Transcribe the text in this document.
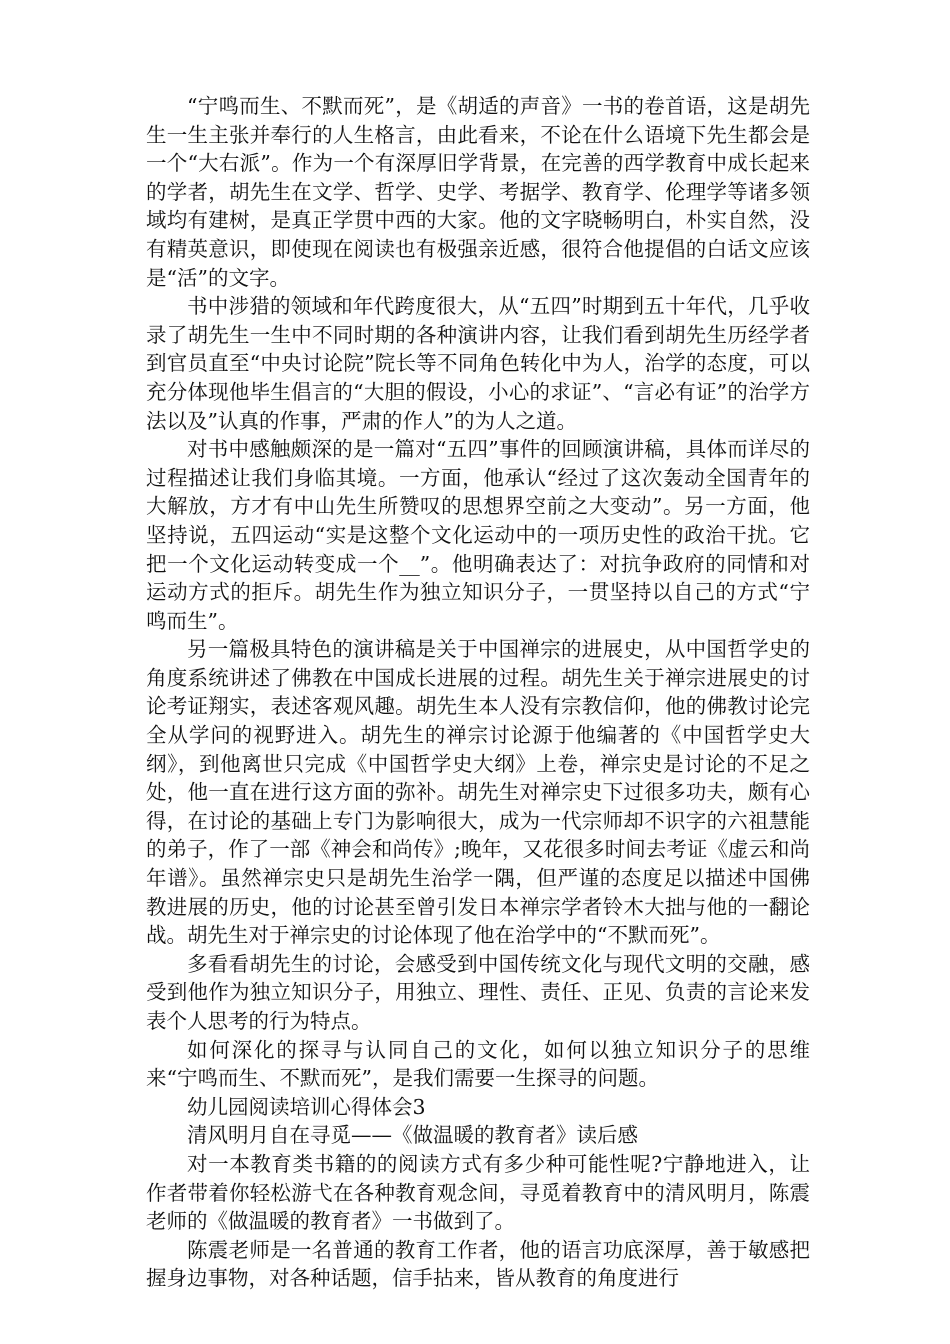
“宁鸣而生、不默而死”，是《胡适的声音》一书的卷首语，这是胡先生一生主张并奉行的人生格言，由此看来，不论在什么语境下先生都会是一个“大右派”。作为一个有深厚旧学背景，在完善的西学教育中成长起来的学者，胡先生在文学、哲学、史学、考据学、教育学、伦理学等诸多领域均有建树，是真正学贯中西的大家。他的文字晓畅明白，朴实自然，没有精英意识，即使现在阅读也有极强亲近感，很符合他提倡的白话文应该是“活”的文字。

书中涉猎的领域和年代跨度很大，从“五四”时期到五十年代，几乎收录了胡先生一生中不同时期的各种演讲内容，让我们看到胡先生历经学者到官员直至“中央讨论院”院长等不同角色转化中为人，治学的态度，可以充分体现他毕生倡言的“大胆的假设，小心的求证”、“言必有证”的治学方法以及”认真的作事，严肃的作人”的为人之道。

对书中感触颇深的是一篇对“五四”事件的回顾演讲稿，具体而详尽的过程描述让我们身临其境。一方面，他承认“经过了这次轰动全国青年的大解放，方才有中山先生所赞叹的思想界空前之大变动”。另一方面，他坚持说，五四运动“实是这整个文化运动中的一项历史性的政治干扰。它把一个文化运动转变成一个__”。他明确表达了：对抗争政府的同情和对运动方式的拒斥。胡先生作为独立知识分子，一贯坚持以自己的方式“宁鸣而生”。

另一篇极具特色的演讲稿是关于中国禅宗的进展史，从中国哲学史的角度系统讲述了佛教在中国成长进展的过程。胡先生关于禅宗进展史的讨论考证翔实，表述客观风趣。胡先生本人没有宗教信仰，他的佛教讨论完全从学问的视野进入。胡先生的禅宗讨论源于他编著的《中国哲学史大纲》，到他离世只完成《中国哲学史大纲》上卷，禅宗史是讨论的不足之处，他一直在进行这方面的弥补。胡先生对禅宗史下过很多功夫，颇有心得，在讨论的基础上专门为影响很大，成为一代宗师却不识字的六祖慧能的弟子，作了一部《神会和尚传》;晚年，又花很多时间去考证《虚云和尚年谱》。虽然禅宗史只是胡先生治学一隅，但严谨的态度足以描述中国佛教进展的历史，他的讨论甚至曾引发日本禅宗学者铃木大拙与他的一翻论战。胡先生对于禅宗史的讨论体现了他在治学中的“不默而死”。

多看看胡先生的讨论，会感受到中国传统文化与现代文明的交融，感受到他作为独立知识分子，用独立、理性、责任、正见、负责的言论来发表个人思考的行为特点。

如何深化的探寻与认同自己的文化，如何以独立知识分子的思维来“宁鸣而生、不默而死”，是我们需要一生探寻的问题。

幼儿园阅读培训心得体会3

清风明月自在寻觅——《做温暖的教育者》读后感

对一本教育类书籍的的阅读方式有多少种可能性呢?宁静地进入，让作者带着你轻松游弋在各种教育观念间，寻觅着教育中的清风明月，陈震老师的《做温暖的教育者》一书做到了。

陈震老师是一名普通的教育工作者，他的语言功底深厚，善于敏感把握身边事物，对各种话题，信手拈来，皆从教育的角度进行
